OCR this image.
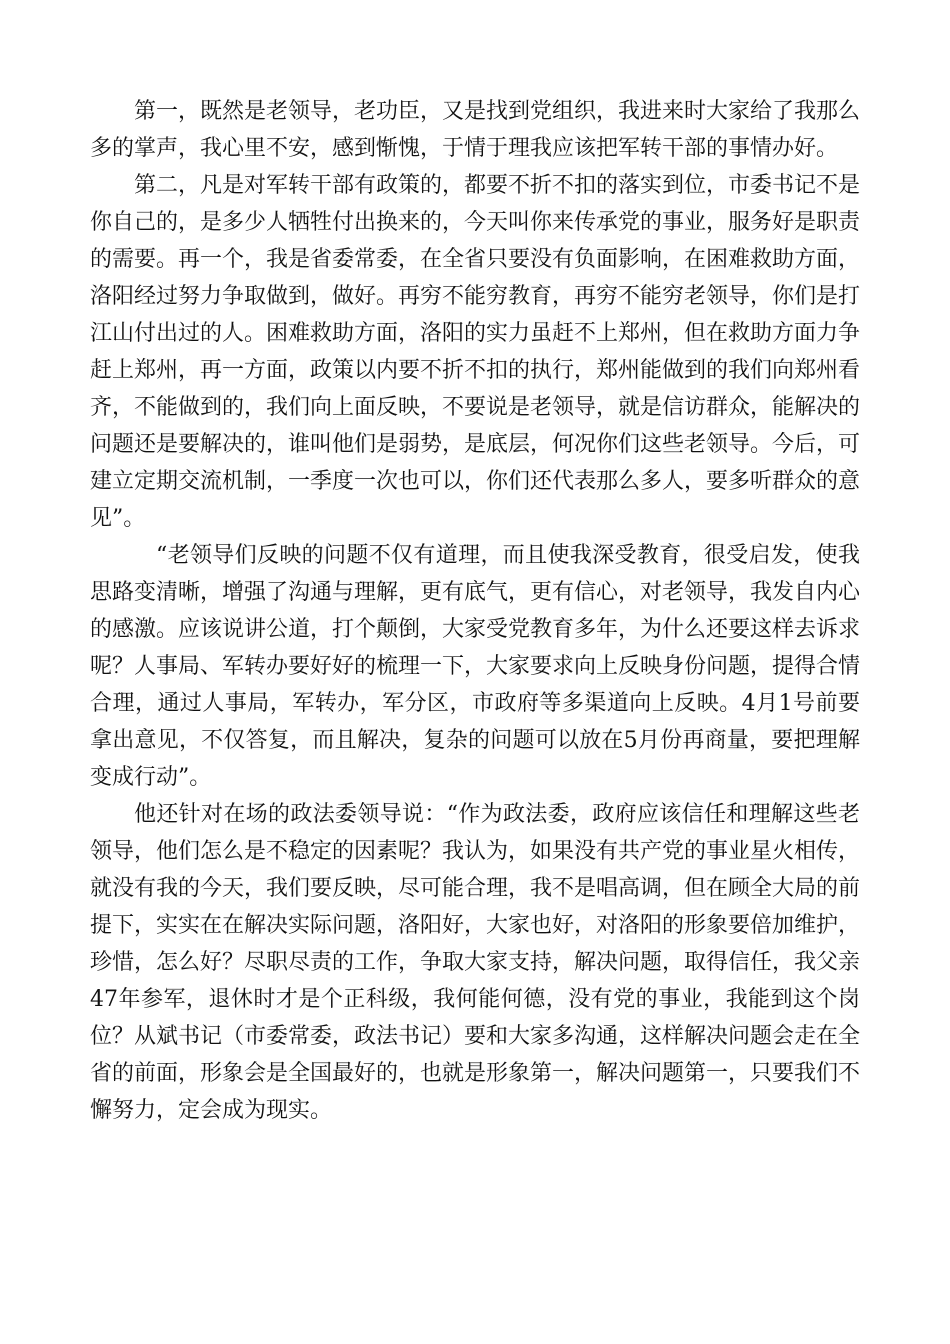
第一，既然是老领导，老功臣，又是找到党组织，我进来时大家给了我那么多的掌声，我心里不安，感到惭愧，于情于理我应该把军转干部的事情办好。

第二，凡是对军转干部有政策的，都要不折不扣的落实到位，市委书记不是你自己的，是多少人牺牲付出换来的，今天叫你来传承党的事业，服务好是职责的需要。再一个，我是省委常委，在全省只要没有负面影响，在困难救助方面，洛阳经过努力争取做到，做好。再穷不能穷教育，再穷不能穷老领导，你们是打江山付出过的人。困难救助方面，洛阳的实力虽赶不上郑州，但在救助方面力争赶上郑州，再一方面，政策以内要不折不扣的执行，郑州能做到的我们向郑州看齐，不能做到的，我们向上面反映，不要说是老领导，就是信访群众，能解决的问题还是要解决的，谁叫他们是弱势，是底层，何况你们这些老领导。今后，可建立定期交流机制，一季度一次也可以，你们还代表那么多人，要多听群众的意见”。

“老领导们反映的问题不仅有道理，而且使我深受教育，很受启发，使我思路变清晰，增强了沟通与理解，更有底气，更有信心，对老领导，我发自内心的感激。应该说讲公道，打个颠倒，大家受党教育多年，为什么还要这样去诉求呢？人事局、军转办要好好的梳理一下，大家要求向上反映身份问题，提得合情合理，通过人事局，军转办，军分区，市政府等多渠道向上反映。4月1号前要拿出意见，不仅答复，而且解决，复杂的问题可以放在5月份再商量，要把理解变成行动”。

他还针对在场的政法委领导说：“作为政法委，政府应该信任和理解这些老领导，他们怎么是不稳定的因素呢？我认为，如果没有共产党的事业星火相传，就没有我的今天，我们要反映，尽可能合理，我不是唱高调，但在顾全大局的前提下，实实在在解决实际问题，洛阳好，大家也好，对洛阳的形象要倍加维护，珍惜，怎么好？尽职尽责的工作，争取大家支持，解决问题，取得信任，我父亲47年参军，退休时才是个正科级，我何能何德，没有党的事业，我能到这个岗位？从斌书记（市委常委，政法书记）要和大家多沟通，这样解决问题会走在全省的前面，形象会是全国最好的，也就是形象第一，解决问题第一，只要我们不懈努力，定会成为现实。
